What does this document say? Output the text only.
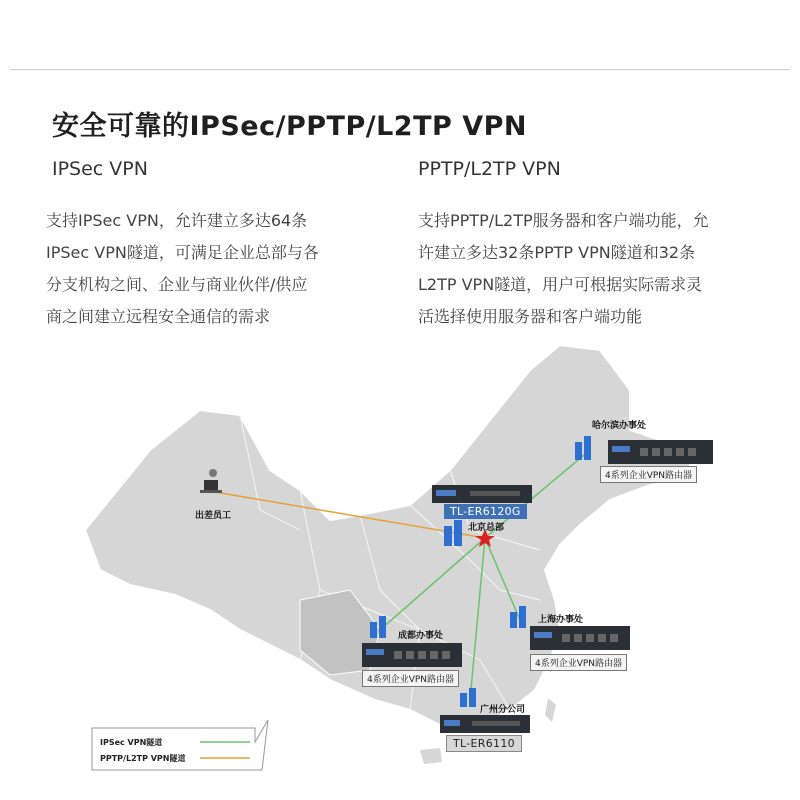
安全可靠的IPSec/PPTP/L2TP VPN
IPSec VPN	PPTP/L2TP VPN
支持IPSec VPN，允许建立多达64条
IPSec VPN隧道，可满足企业总部与各
分支机构之间、企业与商业伙伴/供应
商之间建立远程安全通信的需求
支持PPTP/L2TP服务器和客户端功能，允
许建立多达32条PPTP VPN隧道和32条
L2TP VPN隧道，用户可根据实际需求灵
活选择使用服务器和客户端功能
出差员工	TL-ER6120G
北京总部
哈尔滨办事处
4系列企业VPN路由器
成都办事处
4系列企业VPN路由器
上海办事处
4系列企业VPN路由器
广州分公司
TL-ER6110
IPSec VPN隧道
PPTP/L2TP VPN隧道
